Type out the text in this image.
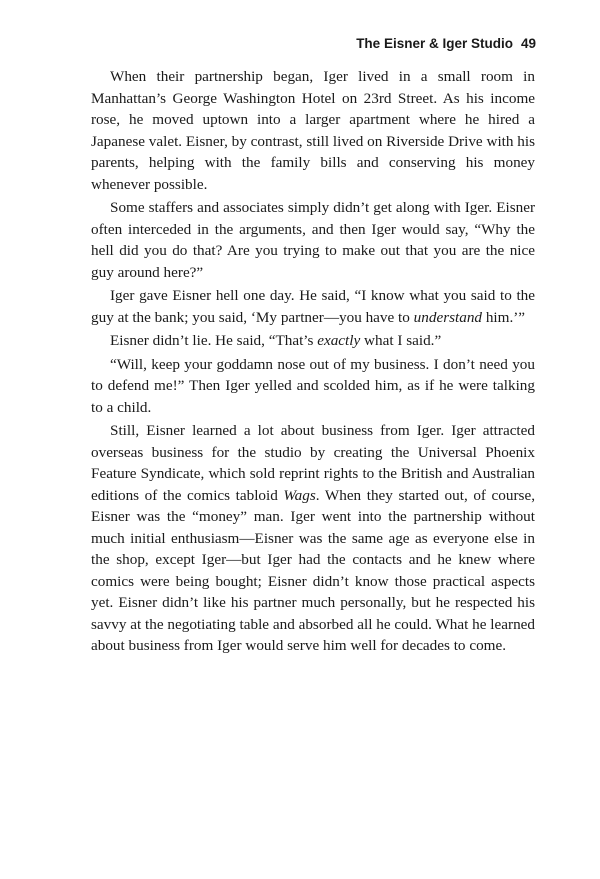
The Eisner & Iger Studio 49

When their partnership began, Iger lived in a small room in Manhattan’s George Washington Hotel on 23rd Street. As his income rose, he moved uptown into a larger apartment where he hired a Japanese valet. Eisner, by contrast, still lived on Riverside Drive with his parents, helping with the family bills and conserving his money whenever possible.

Some staffers and associates simply didn’t get along with Iger. Eisner often interceded in the arguments, and then Iger would say, “Why the hell did you do that? Are you trying to make out that you are the nice guy around here?”

Iger gave Eisner hell one day. He said, “I know what you said to the guy at the bank; you said, ‘My partner—you have to understand him.’”

Eisner didn’t lie. He said, “That’s exactly what I said.”

“Will, keep your goddamn nose out of my business. I don’t need you to defend me!” Then Iger yelled and scolded him, as if he were talking to a child.

Still, Eisner learned a lot about business from Iger. Iger attracted overseas business for the studio by creating the Universal Phoenix Feature Syndicate, which sold reprint rights to the British and Australian editions of the comics tabloid Wags. When they started out, of course, Eisner was the “money” man. Iger went into the partnership without much initial enthusiasm—Eisner was the same age as everyone else in the shop, except Iger—but Iger had the contacts and he knew where comics were being bought; Eisner didn’t know those practical aspects yet. Eisner didn’t like his partner much personally, but he respected his savvy at the negotiating table and absorbed all he could. What he learned about business from Iger would serve him well for decades to come.
